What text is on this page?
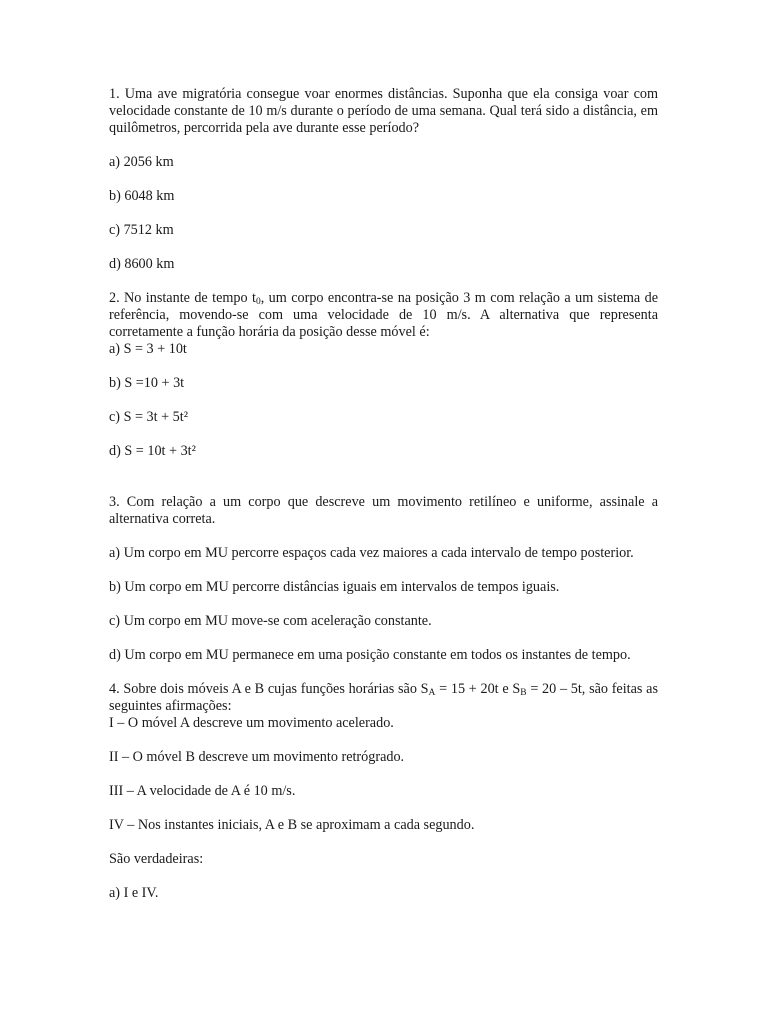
1. Uma ave migratória consegue voar enormes distâncias. Suponha que ela consiga voar com velocidade constante de 10 m/s durante o período de uma semana. Qual terá sido a distância, em quilômetros, percorrida pela ave durante esse período?

a) 2056 km

b) 6048 km

c) 7512 km

d) 8600 km

2. No instante de tempo $t_0$, um corpo encontra-se na posição 3 m com relação a um sistema de referência, movendo-se com uma velocidade de 10 m/s. A alternativa que representa corretamente a função horária da posição desse móvel é:

a) S = 3 + 10t

b) S =10 + 3t

c) S = 3t + 5t²

d) S = 10t + 3t²

3. Com relação a um corpo que descreve um movimento retilíneo e uniforme, assinale a alternativa correta.

a) Um corpo em MU percorre espaços cada vez maiores a cada intervalo de tempo posterior.

b) Um corpo em MU percorre distâncias iguais em intervalos de tempos iguais.

c) Um corpo em MU move-se com aceleração constante.

d) Um corpo em MU permanece em uma posição constante em todos os instantes de tempo.

4. Sobre dois móveis A e B cujas funções horárias são $S_A = 15 + 20t$ e $S_B = 20 - 5t$, são feitas as seguintes afirmações:

I – O móvel A descreve um movimento acelerado.

II – O móvel B descreve um movimento retrógrado.

III – A velocidade de A é 10 m/s.

IV – Nos instantes iniciais, A e B se aproximam a cada segundo.

São verdadeiras:

a) I e IV.
